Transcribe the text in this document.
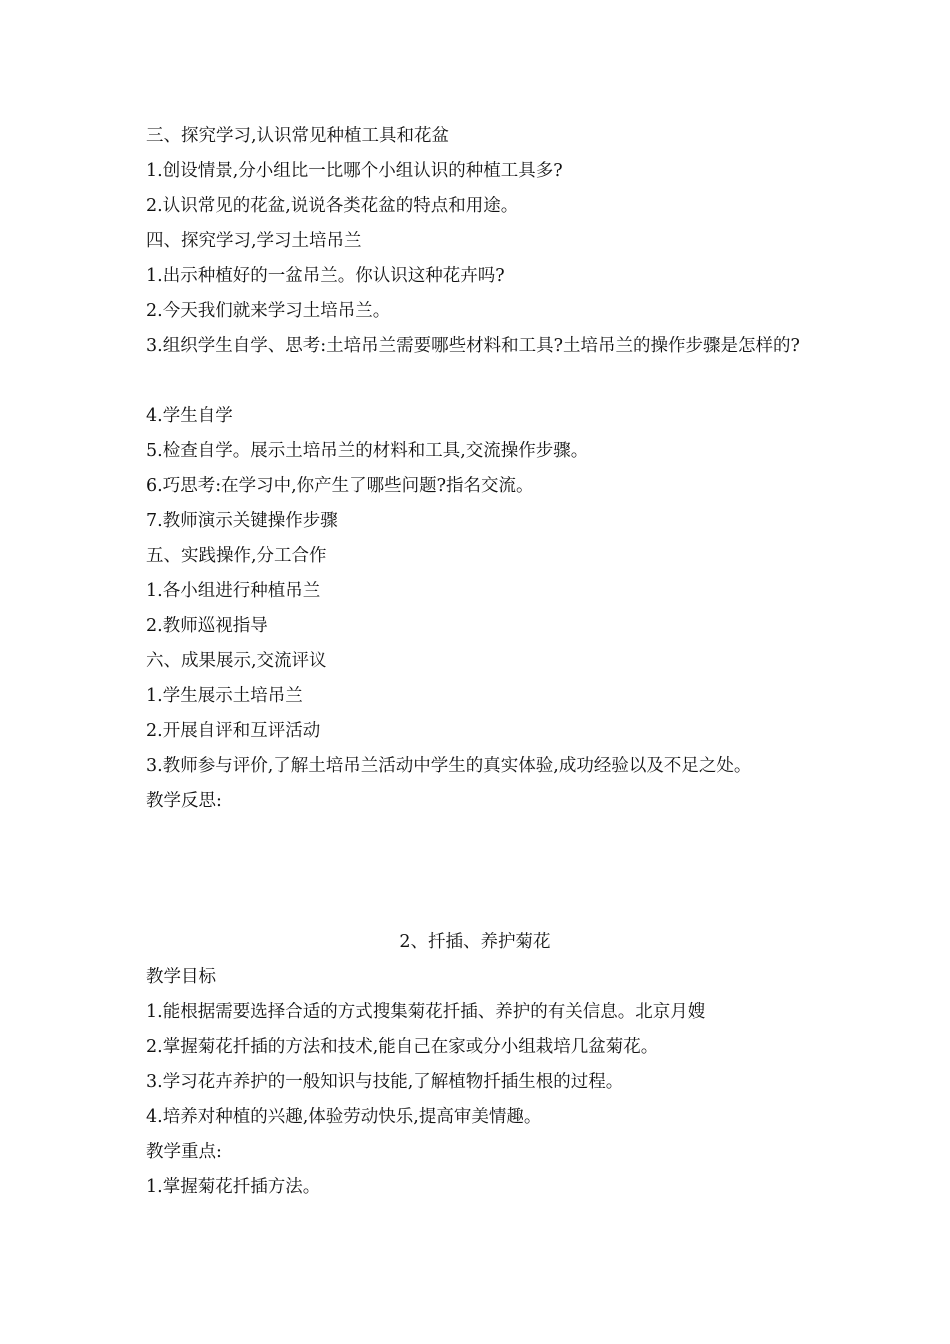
三、探究学习,认识常见种植工具和花盆
1.创设情景,分小组比一比哪个小组认识的种植工具多?
2.认识常见的花盆,说说各类花盆的特点和用途。
四、探究学习,学习土培吊兰
1.出示种植好的一盆吊兰。你认识这种花卉吗?
2.今天我们就来学习土培吊兰。
3.组织学生自学、思考:土培吊兰需要哪些材料和工具?土培吊兰的操作步骤是怎样的?
4.学生自学
5.检查自学。展示土培吊兰的材料和工具,交流操作步骤。
6.巧思考:在学习中,你产生了哪些问题?指名交流。
7.教师演示关键操作步骤
五、实践操作,分工合作
1.各小组进行种植吊兰
2.教师巡视指导
六、成果展示,交流评议
1.学生展示土培吊兰
2.开展自评和互评活动
3.教师参与评价,了解土培吊兰活动中学生的真实体验,成功经验以及不足之处。
教学反思:
2、扦插、养护菊花
教学目标
1.能根据需要选择合适的方式搜集菊花扦插、养护的有关信息。北京月嫂
2.掌握菊花扦插的方法和技术,能自己在家或分小组栽培几盆菊花。
3.学习花卉养护的一般知识与技能,了解植物扦插生根的过程。
4.培养对种植的兴趣,体验劳动快乐,提高审美情趣。
教学重点:
1.掌握菊花扦插方法。
